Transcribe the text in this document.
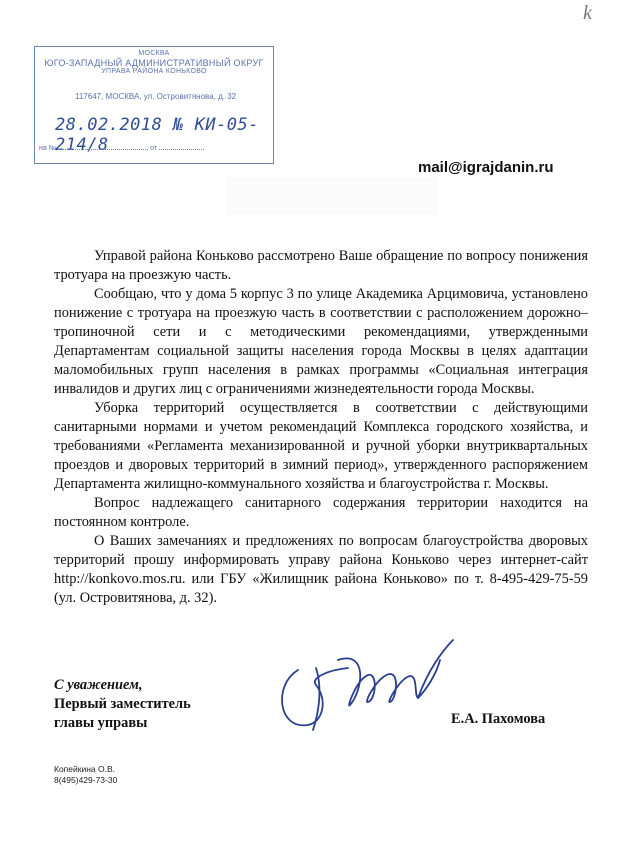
k
МОСКВА
ЮГО-ЗАПАДНЫЙ АДМИНИСТРАТИВНЫЙ ОКРУГ
УПРАВА РАЙОНА КОНЬКОВО
117647, МОСКВА, ул. Островитянова, д. 32
28.02.2018 № КИ-05-214/8
на №	от
mail@igrajdanin.ru

Управой района Коньково рассмотрено Ваше обращение по вопросу понижения тротуара на проезжую часть.

Сообщаю, что у дома 5 корпус 3 по улице Академика Арцимовича, установлено понижение с тротуара на проезжую часть в соответствии с расположением дорожно–тропиночной сети и с методическими рекомендациями, утвержденными Департаментам социальной защиты населения города Москвы в целях адаптации маломобильных групп населения в рамках программы «Социальная интеграция инвалидов и других лиц с ограничениями жизнедеятельности города Москвы.

Уборка территорий осуществляется в соответствии с действующими санитарными нормами и учетом рекомендаций Комплекса городского хозяйства, и требованиями «Регламента механизированной и ручной уборки внутриквартальных проездов и дворовых территорий в зимний период», утвержденного распоряжением Департамента жилищно-коммунального хозяйства и благоустройства г. Москвы.

Вопрос надлежащего санитарного содержания территории находится на постоянном контроле.

О Ваших замечаниях и предложениях по вопросам благоустройства дворовых территорий прошу информировать управу района Коньково через интернет-сайт http://konkovo.mos.ru. или ГБУ «Жилищник района Коньково» по т. 8-495-429-75-59 (ул. Островитянова, д. 32).

С уважением,
Первый заместитель
главы управы	Е.А. Пахомова
Копейкина О.В.
8(495)429-73-30
